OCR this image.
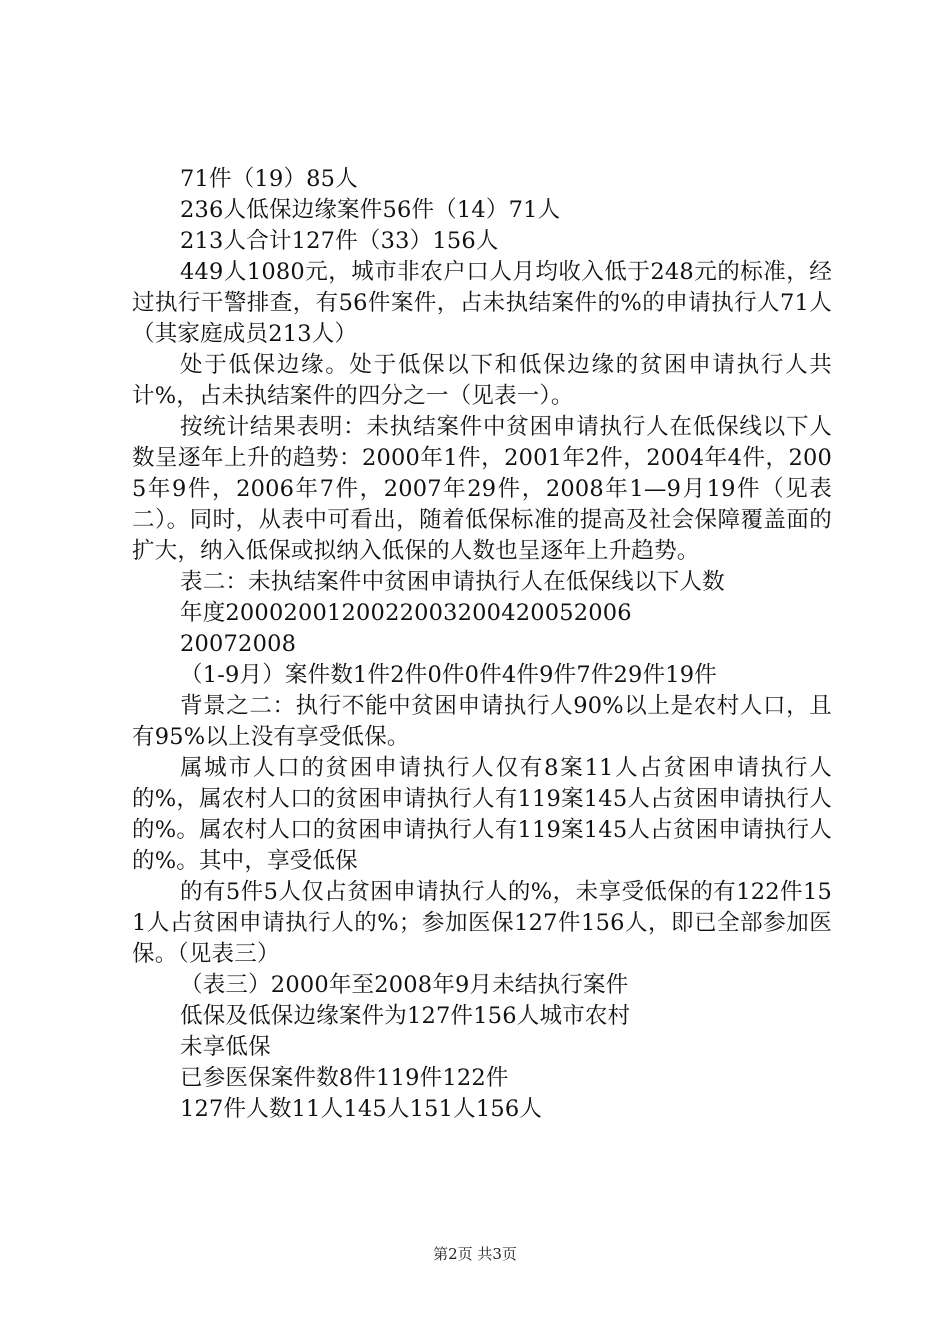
71件（19）85人

236人低保边缘案件56件（14）71人

213人合计127件（33）156人

449人1080元，城市非农户口人月均收入低于248元的标准，经过执行干警排查，有56件案件，占未执结案件的%的申请执行人71人（其家庭成员213人）

处于低保边缘。处于低保以下和低保边缘的贫困申请执行人共计%，占未执结案件的四分之一（见表一）。

按统计结果表明：未执结案件中贫困申请执行人在低保线以下人数呈逐年上升的趋势：2000年1件，2001年2件，2004年4件，2005年9件，2006年7件，2007年29件，2008年1—9月19件（见表二）。同时，从表中可看出，随着低保标准的提高及社会保障覆盖面的扩大，纳入低保或拟纳入低保的人数也呈逐年上升趋势。

表二：未执结案件中贫困申请执行人在低保线以下人数

年度2000200120022003200420052006

20072008

（1-9月）案件数1件2件0件0件4件9件7件29件19件

背景之二：执行不能中贫困申请执行人90%以上是农村人口，且有95%以上没有享受低保。

属城市人口的贫困申请执行人仅有8案11人占贫困申请执行人的%，属农村人口的贫困申请执行人有119案145人占贫困申请执行人的%。属农村人口的贫困申请执行人有119案145人占贫困申请执行人的%。其中，享受低保

的有5件5人仅占贫困申请执行人的%，未享受低保的有122件151人占贫困申请执行人的%；参加医保127件156人，即已全部参加医保。（见表三）

（表三）2000年至2008年9月未结执行案件

低保及低保边缘案件为127件156人城市农村

未享低保

已参医保案件数8件119件122件

127件人数11人145人151人156人

第2页 共3页
